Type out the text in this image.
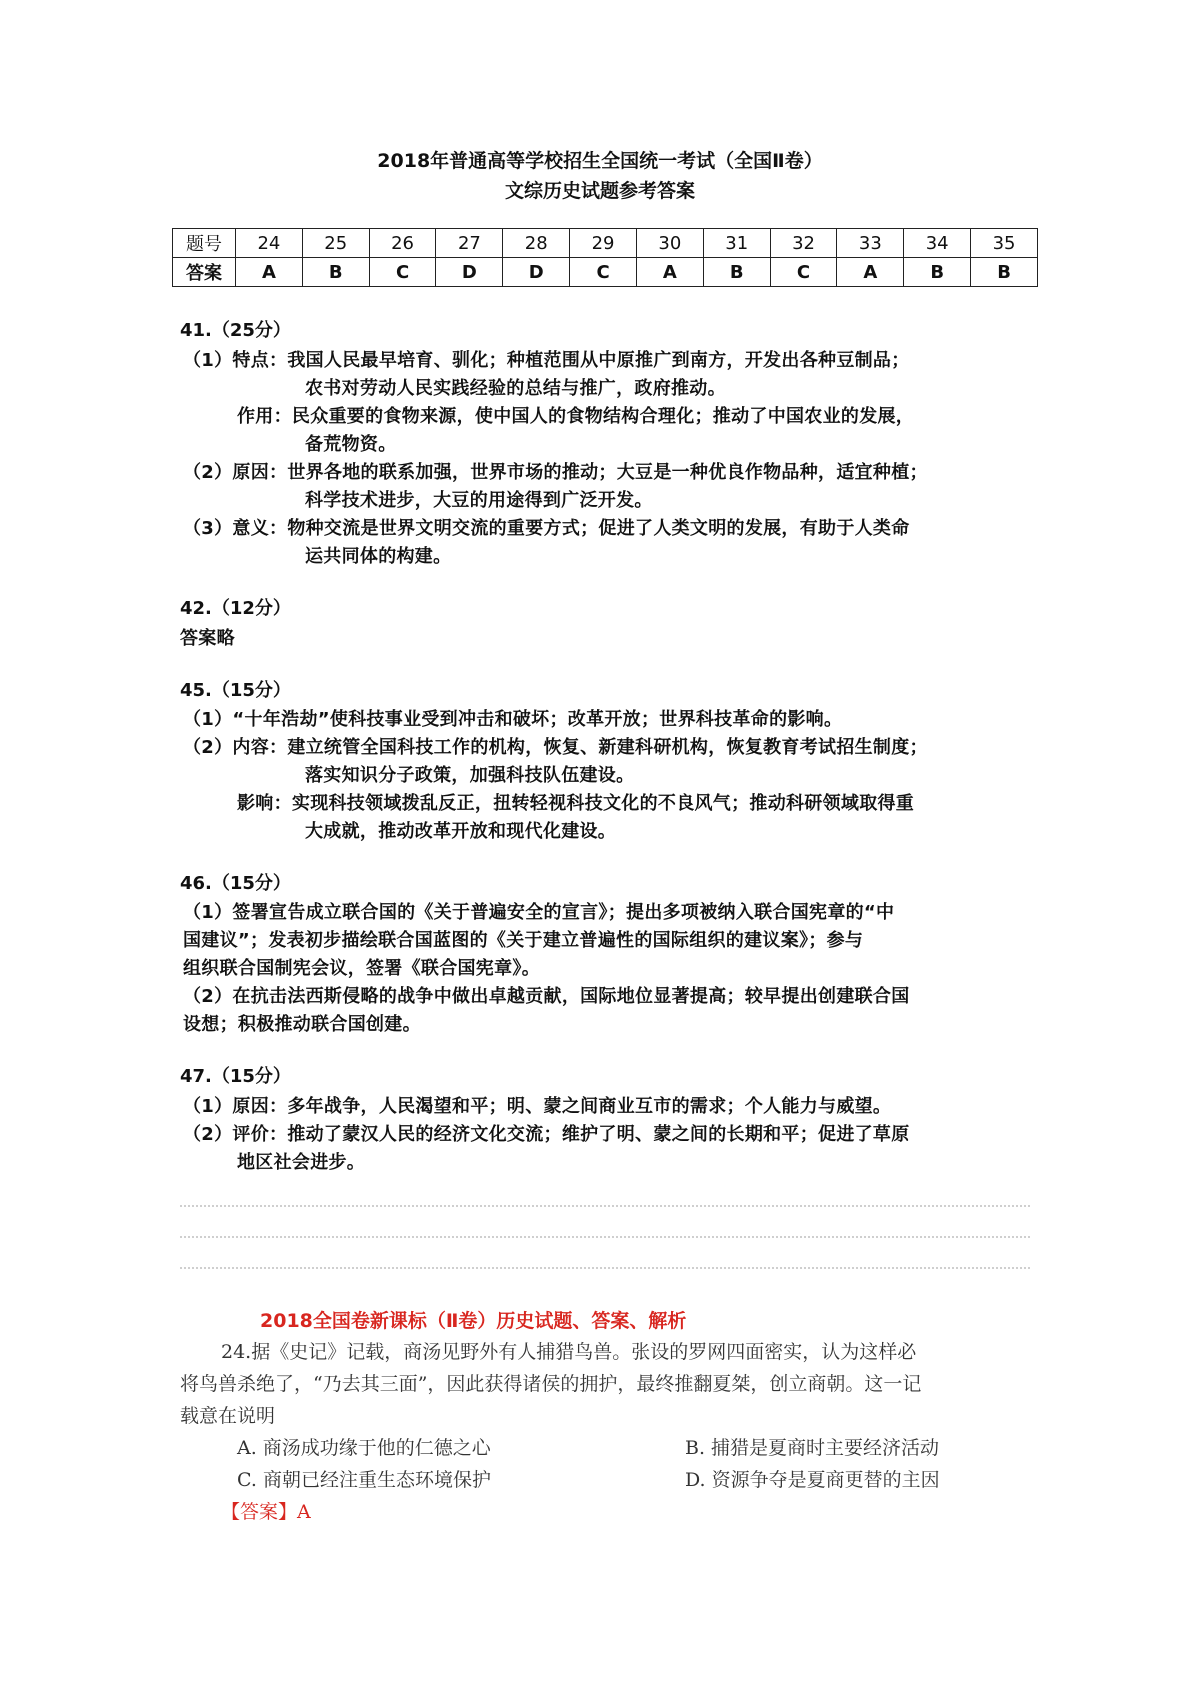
2018年普通高等学校招生全国统一考试（全国Ⅱ卷）
文综历史试题参考答案
题号	24	25	26	27	28	29	30	31	32	33	34	35
答案	A	B	C	D	D	C	A	B	C	A	B	B
41.（25分）
（1）特点：我国人民最早培育、驯化；种植范围从中原推广到南方，开发出各种豆制品；
农书对劳动人民实践经验的总结与推广，政府推动。
作用：民众重要的食物来源，使中国人的食物结构合理化；推动了中国农业的发展，
备荒物资。
（2）原因：世界各地的联系加强，世界市场的推动；大豆是一种优良作物品种，适宜种植；
科学技术进步，大豆的用途得到广泛开发。
（3）意义：物种交流是世界文明交流的重要方式；促进了人类文明的发展，有助于人类命
运共同体的构建。
42.（12分）
答案略
45.（15分）
（1）“十年浩劫”使科技事业受到冲击和破坏；改革开放；世界科技革命的影响。
（2）内容：建立统管全国科技工作的机构，恢复、新建科研机构，恢复教育考试招生制度；
落实知识分子政策，加强科技队伍建设。
影响：实现科技领域拨乱反正，扭转轻视科技文化的不良风气；推动科研领域取得重
大成就，推动改革开放和现代化建设。
46.（15分）
（1）签署宣告成立联合国的《关于普遍安全的宣言》；提出多项被纳入联合国宪章的“中
国建议”；发表初步描绘联合国蓝图的《关于建立普遍性的国际组织的建议案》；参与
组织联合国制宪会议，签署《联合国宪章》。
（2）在抗击法西斯侵略的战争中做出卓越贡献，国际地位显著提高；较早提出创建联合国
设想；积极推动联合国创建。
47.（15分）
（1）原因：多年战争，人民渴望和平；明、蒙之间商业互市的需求；个人能力与威望。
（2）评价：推动了蒙汉人民的经济文化交流；维护了明、蒙之间的长期和平；促进了草原
地区社会进步。
2018全国卷新课标（Ⅱ卷）历史试题、答案、解析
24.据《史记》记载，商汤见野外有人捕猎鸟兽。张设的罗网四面密实，认为这样必
将鸟兽杀绝了，“乃去其三面”，因此获得诸侯的拥护，最终推翻夏桀，创立商朝。这一记
载意在说明
A. 商汤成功缘于他的仁德之心	B. 捕猎是夏商时主要经济活动
C. 商朝已经注重生态环境保护	D. 资源争夺是夏商更替的主因
【答案】A
